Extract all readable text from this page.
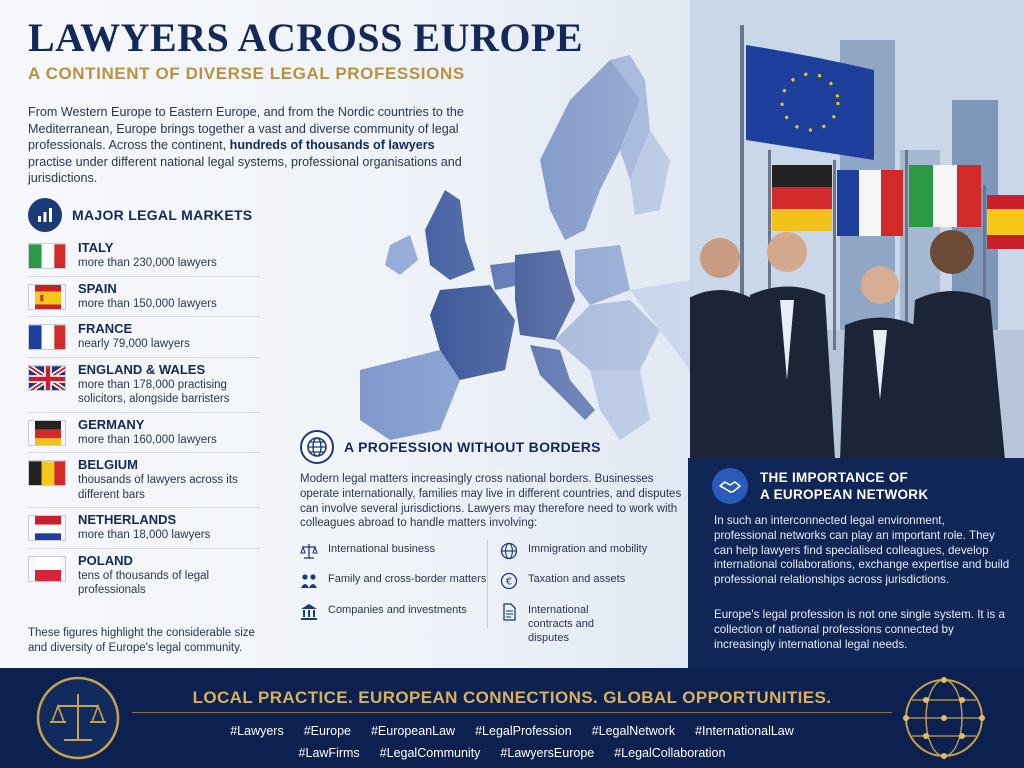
LAWYERS ACROSS EUROPE
A CONTINENT OF DIVERSE LEGAL PROFESSIONS

From Western Europe to Eastern Europe, and from the Nordic countries to the Mediterranean, Europe brings together a vast and diverse community of legal professionals. Across the continent, hundreds of thousands of lawyers practise under different national legal systems, professional organisations and jurisdictions.

MAJOR LEGAL MARKETS
ITALY
more than 230,000 lawyers
SPAIN
more than 150,000 lawyers
FRANCE
nearly 79,000 lawyers
ENGLAND & WALES
more than 178,000 practising solicitors, alongside barristers
GERMANY
more than 160,000 lawyers
BELGIUM
thousands of lawyers across its different bars
NETHERLANDS
more than 18,000 lawyers
POLAND
tens of thousands of legal professionals

These figures highlight the considerable size and diversity of Europe's legal community.

A PROFESSION WITHOUT BORDERS

Modern legal matters increasingly cross national borders. Businesses operate internationally, families may live in different countries, and disputes can involve several jurisdictions. Lawyers may therefore need to work with colleagues abroad to handle matters involving:

International business
Family and cross-border matters
Companies and investments
Immigration and mobility
€ Taxation and assets
International contracts and disputes
THE IMPORTANCE OF
A EUROPEAN NETWORK

In such an interconnected legal environment, professional networks can play an important role. They can help lawyers find specialised colleagues, develop international collaborations, exchange expertise and build professional relationships across jurisdictions.

Europe's legal profession is not one single system. It is a collection of national professions connected by increasingly international legal needs.

LOCAL PRACTICE. EUROPEAN CONNECTIONS. GLOBAL OPPORTUNITIES.
#Lawyers #Europe #EuropeanLaw #LegalProfession #LegalNetwork #InternationalLaw
#LawFirms #LegalCommunity #LawyersEurope #LegalCollaboration
